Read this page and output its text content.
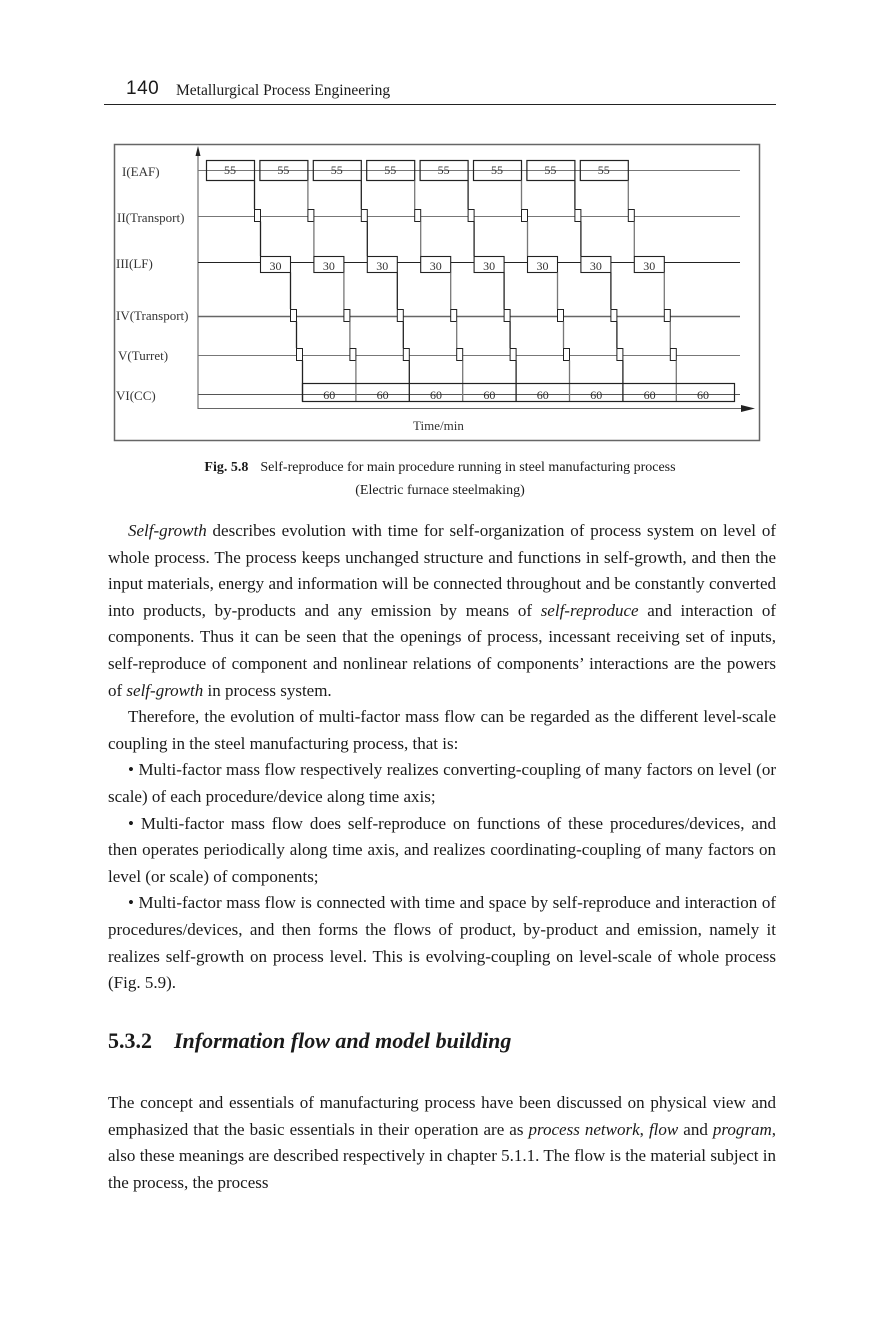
140 Metallurgical Process Engineering
I(EAF)
II(Transport)
III(LF)
IV(Transport)
V(Turret)
VI(CC)
Time/min
55
30
60
55
30
60
55
30
60
55
30
60
55
30
60
55
30
60
55
30
60
55
30
60
Fig. 5.8 Self-reproduce for main procedure running in steel manufacturing process
(Electric furnace steelmaking)

Self-growth describes evolution with time for self-organization of process system on level of whole process. The process keeps unchanged structure and functions in self-growth, and then the input materials, energy and information will be connected throughout and be constantly converted into products, by-products and any emission by means of self-reproduce and interaction of components. Thus it can be seen that the openings of process, incessant receiving set of inputs, self-reproduce of component and nonlinear relations of components’ interactions are the powers of self-growth in process system.

Therefore, the evolution of multi-factor mass flow can be regarded as the different level-scale coupling in the steel manufacturing process, that is:

• Multi-factor mass flow respectively realizes converting-coupling of many factors on level (or scale) of each procedure/device along time axis;

• Multi-factor mass flow does self-reproduce on functions of these procedures/devices, and then operates periodically along time axis, and realizes coordinating-coupling of many factors on level (or scale) of components;

• Multi-factor mass flow is connected with time and space by self-reproduce and interaction of procedures/devices, and then forms the flows of product, by-product and emission, namely it realizes self-growth on process level. This is evolving-coupling on level-scale of whole process (Fig. 5.9).

5.3.2 Information flow and model building

The concept and essentials of manufacturing process have been discussed on physical view and emphasized that the basic essentials in their operation are as process network, flow and program, also these meanings are described respectively in chapter 5.1.1. The flow is the material subject in the process, the process
